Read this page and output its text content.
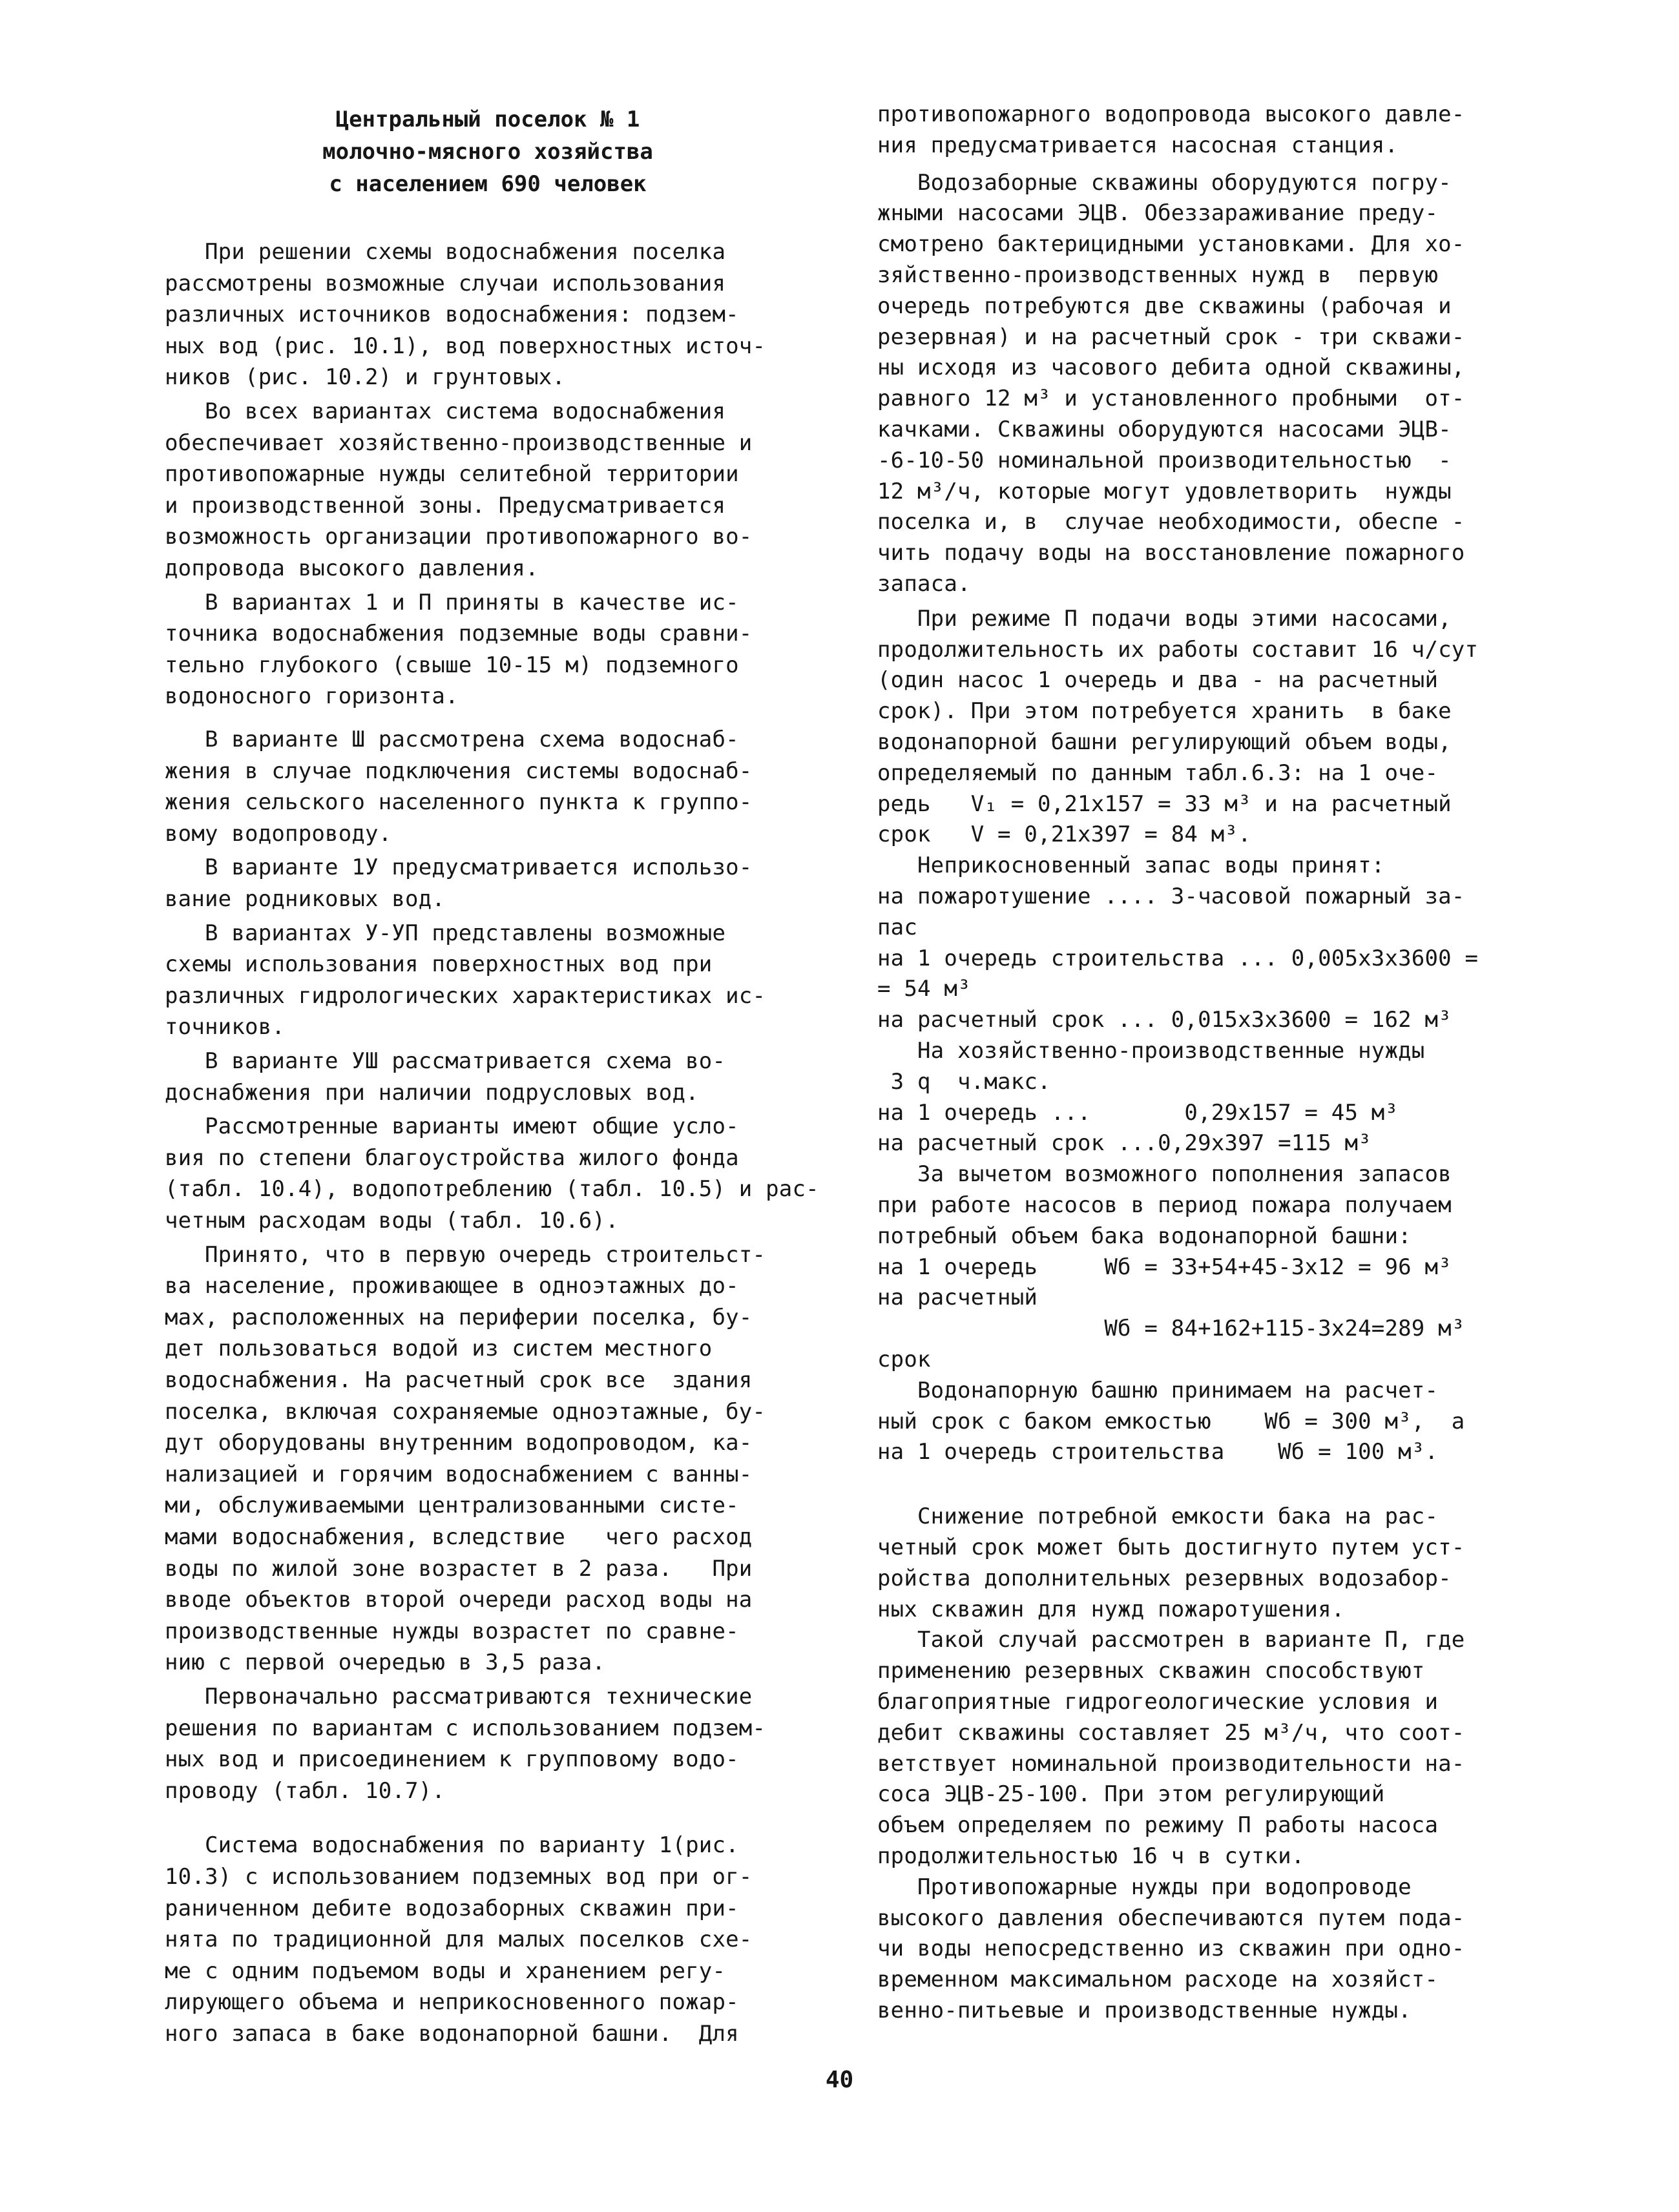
Центральный поселок № 1
молочно-мясного хозяйства
с населением 690 человек
При решении схемы водоснабжения поселка
рассмотрены возможные случаи использования
различных источников водоснабжения: подзем-
ных вод (рис. 10.1), вод поверхностных источ-
ников (рис. 10.2) и грунтовых.
Во всех вариантах система водоснабжения
обеспечивает хозяйственно-производственные и
противопожарные нужды селитебной территории
и производственной зоны. Предусматривается
возможность организации противопожарного во-
допровода высокого давления.
В вариантах 1 и П приняты в качестве ис-
точника водоснабжения подземные воды сравни-
тельно глубокого (свыше 10-15 м) подземного
водоносного горизонта.
В варианте Ш рассмотрена схема водоснаб-
жения в случае подключения системы водоснаб-
жения сельского населенного пункта к группо-
вому водопроводу.
В варианте 1У предусматривается использо-
вание родниковых вод.
В вариантах У-УП представлены возможные
схемы использования поверхностных вод при
различных гидрологических характеристиках ис-
точников.
В варианте УШ рассматривается схема во-
доснабжения при наличии подрусловых вод.
Рассмотренные варианты имеют общие усло-
вия по степени благоустройства жилого фонда
(табл. 10.4), водопотреблению (табл. 10.5) и рас-
четным расходам воды (табл. 10.6).
Принято, что в первую очередь строительст-
ва население, проживающее в одноэтажных до-
мах, расположенных на периферии поселка, бу-
дет пользоваться водой из систем местного
водоснабжения. На расчетный срок все  здания
поселка, включая сохраняемые одноэтажные, бу-
дут оборудованы внутренним водопроводом, ка-
нализацией и горячим водоснабжением с ванны-
ми, обслуживаемыми централизованными систе-
мами водоснабжения, вследствие   чего расход
воды по жилой зоне возрастет в 2 раза.   При
вводе объектов второй очереди расход воды на
производственные нужды возрастет по сравне-
нию с первой очередью в 3,5 раза.
Первоначально рассматриваются технические
решения по вариантам с использованием подзем-
ных вод и присоединением к групповому водо-
проводу (табл. 10.7).
Система водоснабжения по варианту 1(рис.
10.3) с использованием подземных вод при ог-
раниченном дебите водозаборных скважин при-
нята по традиционной для малых поселков схе-
ме с одним подъемом воды и хранением регу-
лирующего объема и неприкосновенного пожар-
ного запаса в баке водонапорной башни.  Для
противопожарного водопровода высокого давле-
ния предусматривается насосная станция.
Водозаборные скважины оборудуются погру-
жными насосами ЭЦВ. Обеззараживание преду-
смотрено бактерицидными установками. Для хо-
зяйственно-производственных нужд в  первую
очередь потребуются две скважины (рабочая и
резервная) и на расчетный срок - три скважи-
ны исходя из часового дебита одной скважины,
равного 12 м³ и установленного пробными  от-
качками. Скважины оборудуются насосами ЭЦВ-
-6-10-50 номинальной производительностью  -
12 м³/ч, которые могут удовлетворить  нужды
поселка и, в  случае необходимости, обеспе -
чить подачу воды на восстановление пожарного
запаса.
При режиме П подачи воды этими насосами,
продолжительность их работы составит 16 ч/сут
(один насос 1 очередь и два - на расчетный
срок). При этом потребуется хранить  в баке
водонапорной башни регулирующий объем воды,
определяемый по данным табл.6.3: на 1 оче-
редь   V₁ = 0,21х157 = 33 м³ и на расчетный
срок   V = 0,21х397 = 84 м³.
Неприкосновенный запас воды принят:
на пожаротушение .... 3-часовой пожарный за-
пас
на 1 очередь строительства ... 0,005х3х3600 =
= 54 м³
на расчетный срок ... 0,015х3х3600 = 162 м³
На хозяйственно-производственные нужды
3 q  ч.макс.
на 1 очередь ...       0,29х157 = 45 м³
на расчетный срок ...0,29х397 =115 м³
За вычетом возможного пополнения запасов
при работе насосов в период пожара получаем
потребный объем бака водонапорной башни:
на 1 очередь     Wб = 33+54+45-3х12 = 96 м³
на расчетный
Wб = 84+162+115-3х24=289 м³
срок
Водонапорную башню принимаем на расчет-
ный срок с баком емкостью    Wб = 300 м³,  а
на 1 очередь строительства    Wб = 100 м³.
Снижение потребной емкости бака на рас-
четный срок может быть достигнуто путем уст-
ройства дополнительных резервных водозабор-
ных скважин для нужд пожаротушения.
Такой случай рассмотрен в варианте П, где
применению резервных скважин способствуют
благоприятные гидрогеологические условия и
дебит скважины составляет 25 м³/ч, что соот-
ветствует номинальной производительности на-
соса ЭЦВ-25-100. При этом регулирующий
объем определяем по режиму П работы насоса
продолжительностью 16 ч в сутки.
Противопожарные нужды при водопроводе
высокого давления обеспечиваются путем пода-
чи воды непосредственно из скважин при одно-
временном максимальном расходе на хозяйст-
венно-питьевые и производственные нужды.
40
